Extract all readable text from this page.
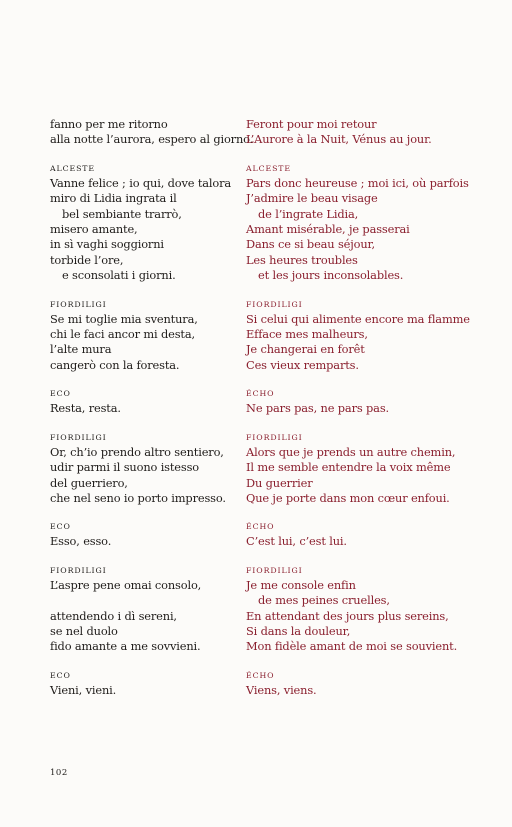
fanno per me ritorno
alla notte l’aurora, espero al giorno.
ALCESTE
Vanne felice ; io qui, dove talora
miro di Lidia ingrata il
bel sembiante trarrò,
misero amante,
in sì vaghi soggiorni
torbide l’ore,
e sconsolati i giorni.
FIORDILIGI
Se mi toglie mia sventura,
chi le faci ancor mi desta,
l’alte mura
cangerò con la foresta.
ECO
Resta, resta.
FIORDILIGI
Or, ch’io prendo altro sentiero,
udir parmi il suono istesso
del guerriero,
che nel seno io porto impresso.
ECO
Esso, esso.
FIORDILIGI
L’aspre pene omai consolo,
attendendo i dì sereni,
se nel duolo
fido amante a me sovvieni.
ECO
Vieni, vieni.
Feront pour moi retour
L’Aurore à la Nuit, Vénus au jour.
ALCESTE
Pars donc heureuse ; moi ici, où parfois
J’admire le beau visage
de l’ingrate Lidia,
Amant misérable, je passerai
Dans ce si beau séjour,
Les heures troubles
et les jours inconsolables.
FIORDILIGI
Si celui qui alimente encore ma flamme
Efface mes malheurs,
Je changerai en forêt
Ces vieux remparts.
ÉCHO
Ne pars pas, ne pars pas.
FIORDILIGI
Alors que je prends un autre chemin,
Il me semble entendre la voix même
Du guerrier
Que je porte dans mon cœur enfoui.
ÉCHO
C’est lui, c’est lui.
FIORDILIGI
Je me console enfin
de mes peines cruelles,
En attendant des jours plus sereins,
Si dans la douleur,
Mon fidèle amant de moi se souvient.
ÉCHO
Viens, viens.
102
